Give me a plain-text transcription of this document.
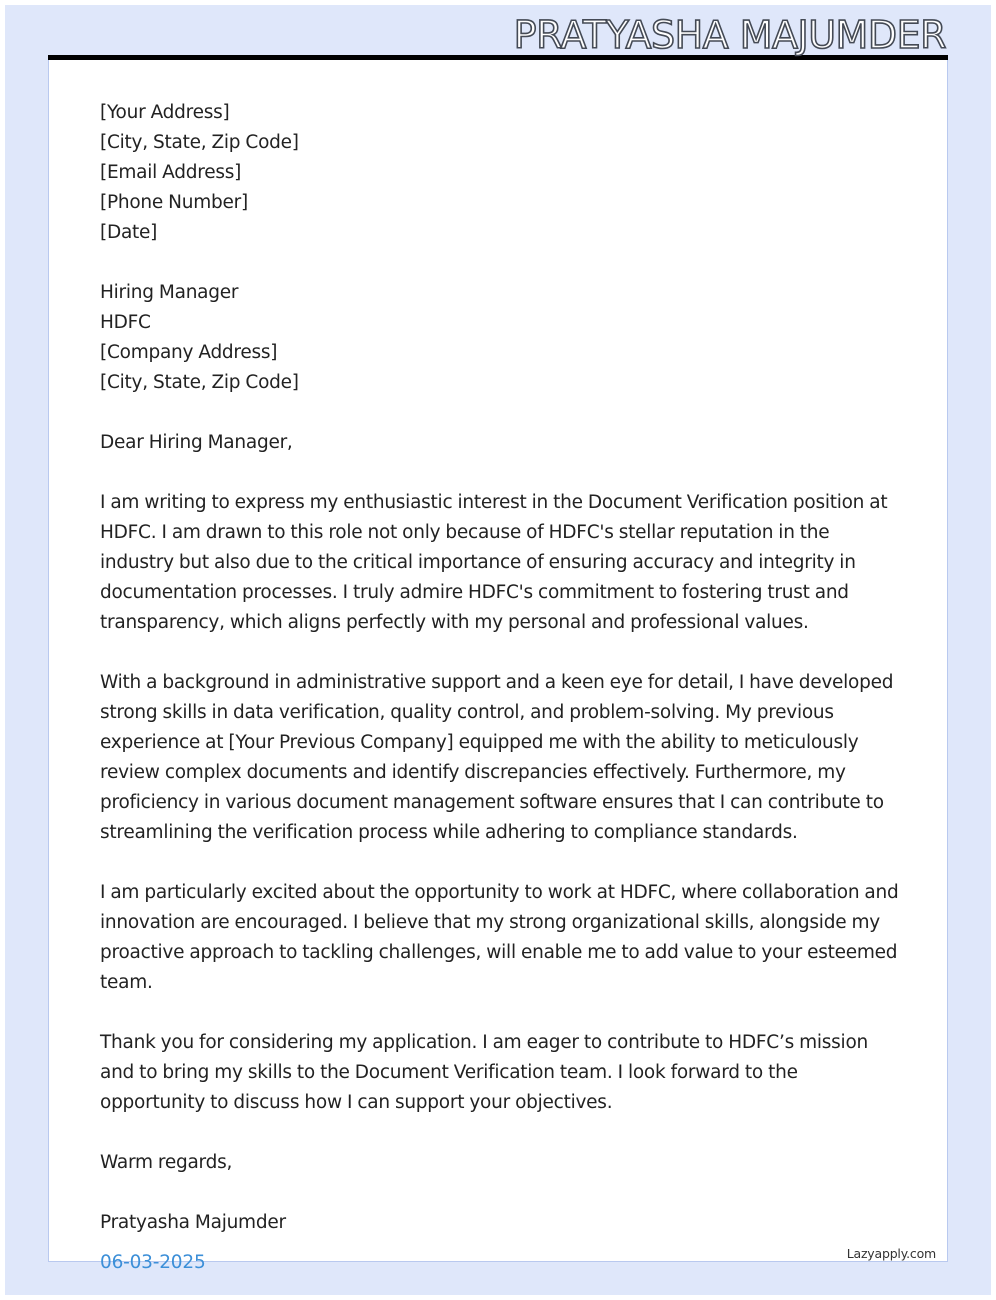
PRATYASHA MAJUMDER
[Your Address]
[City, State, Zip Code]
[Email Address]
[Phone Number]
[Date]
Hiring Manager
HDFC
[Company Address]
[City, State, Zip Code]
Dear Hiring Manager,

I am writing to express my enthusiastic interest in the Document Verification position at HDFC. I am drawn to this role not only because of HDFC's stellar reputation in the industry but also due to the critical importance of ensuring accuracy and integrity in documentation processes. I truly admire HDFC's commitment to fostering trust and transparency, which aligns perfectly with my personal and professional values.

With a background in administrative support and a keen eye for detail, I have developed strong skills in data verification, quality control, and problem-solving. My previous experience at [Your Previous Company] equipped me with the ability to meticulously review complex documents and identify discrepancies effectively. Furthermore, my proficiency in various document management software ensures that I can contribute to streamlining the verification process while adhering to compliance standards.

I am particularly excited about the opportunity to work at HDFC, where collaboration and innovation are encouraged. I believe that my strong organizational skills, alongside my proactive approach to tackling challenges, will enable me to add value to your esteemed team.

Thank you for considering my application. I am eager to contribute to HDFC’s mission and to bring my skills to the Document Verification team. I look forward to the opportunity to discuss how I can support your objectives.

Warm regards,
Pratyasha Majumder
06-03-2025	Lazyapply.com
